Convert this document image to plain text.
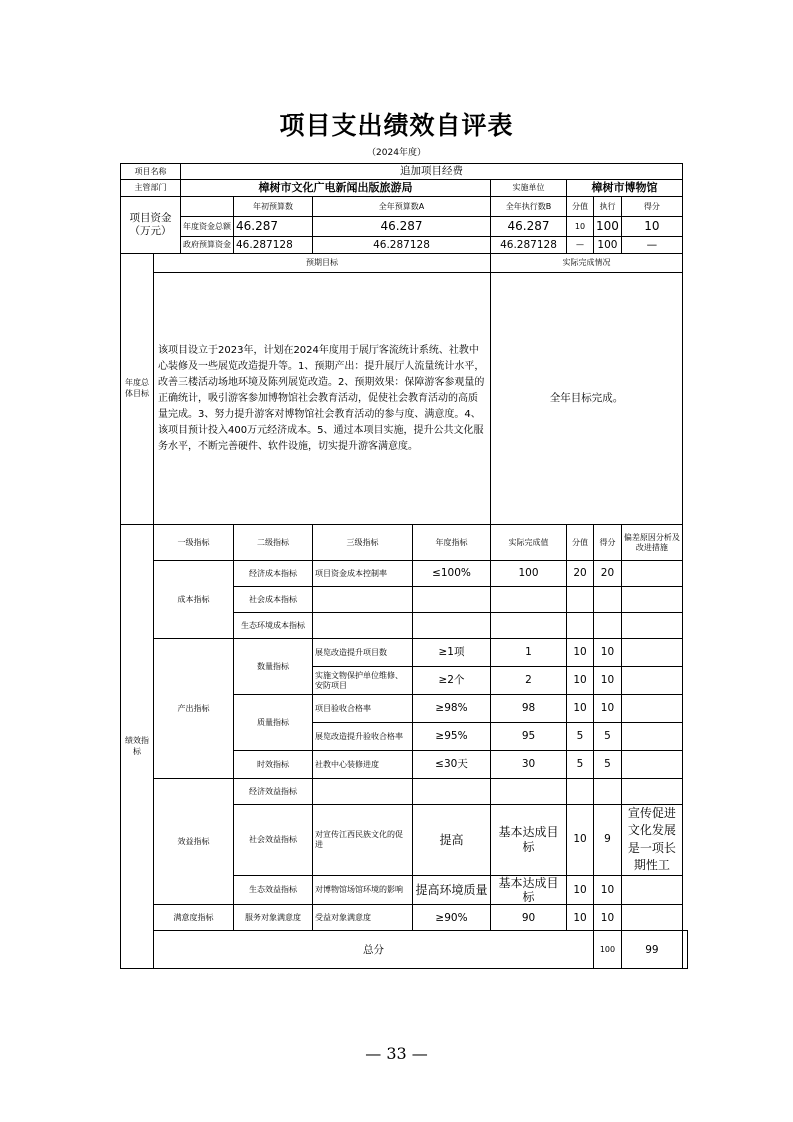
项目支出绩效自评表
（2024年度）
项目名称		追加项目经费								
主管部门		樟树市文化广电新闻出版旅游局				实施单位	樟树市博物馆			
项目资金（万元）			年初预算数	全年预算数A		全年执行数B	分值	执行	得分	
		年度资金总额	46.287	46.287		46.287	10	100	10	
		政府预算资金	46.287128	46.287128		46.287128	—	100	—	
年度总体目标	预期目标					实际完成情况				
	该项目设立于2023年，计划在2024年度用于展厅客流统计系统、社教中心装修及一些展览改造提升等。1、预期产出：提升展厅人流量统计水平，改善三楼活动场地环境及陈列展览改造。2、预期效果：保障游客参观量的正确统计，吸引游客参加博物馆社会教育活动，促使社会教育活动的高质量完成。3、努力提升游客对博物馆社会教育活动的参与度、满意度。4、该项目预计投入400万元经济成本。5、通过本项目实施，提升公共文化服务水平，不断完善硬件、软件设施，切实提升游客满意度。					全年目标完成。				
绩效指标	一级指标		二级指标	三级指标	年度指标	实际完成值	分值	得分	偏差原因分析及改进措施	
	成本指标		经济成本指标	项目资金成本控制率	≤100%	100	20	20		
			社会成本指标							
			生态环境成本指标							
	产出指标		数量指标	展览改造提升项目数	≥1项	1	10	10		
				实施文物保护单位维修、安防项目	≥2个	2	10	10		
			质量指标	项目验收合格率	≥98%	98	10	10		
				展览改造提升验收合格率	≥95%	95	5	5		
			时效指标	社教中心装修进度	≤30天	30	5	5		
	效益指标		经济效益指标							
			社会效益指标	对宣传江西民族文化的促进	提高	基本达成目标	10	9	宣传促进文化发展是一项长期性工	
			生态效益指标	对博物馆场馆环境的影响	提高环境质量	基本达成目标	10	10		
	满意度指标		服务对象满意度	受益对象满意度	≥90%	90	10	10		
	总分							100	99	
— 33 —
